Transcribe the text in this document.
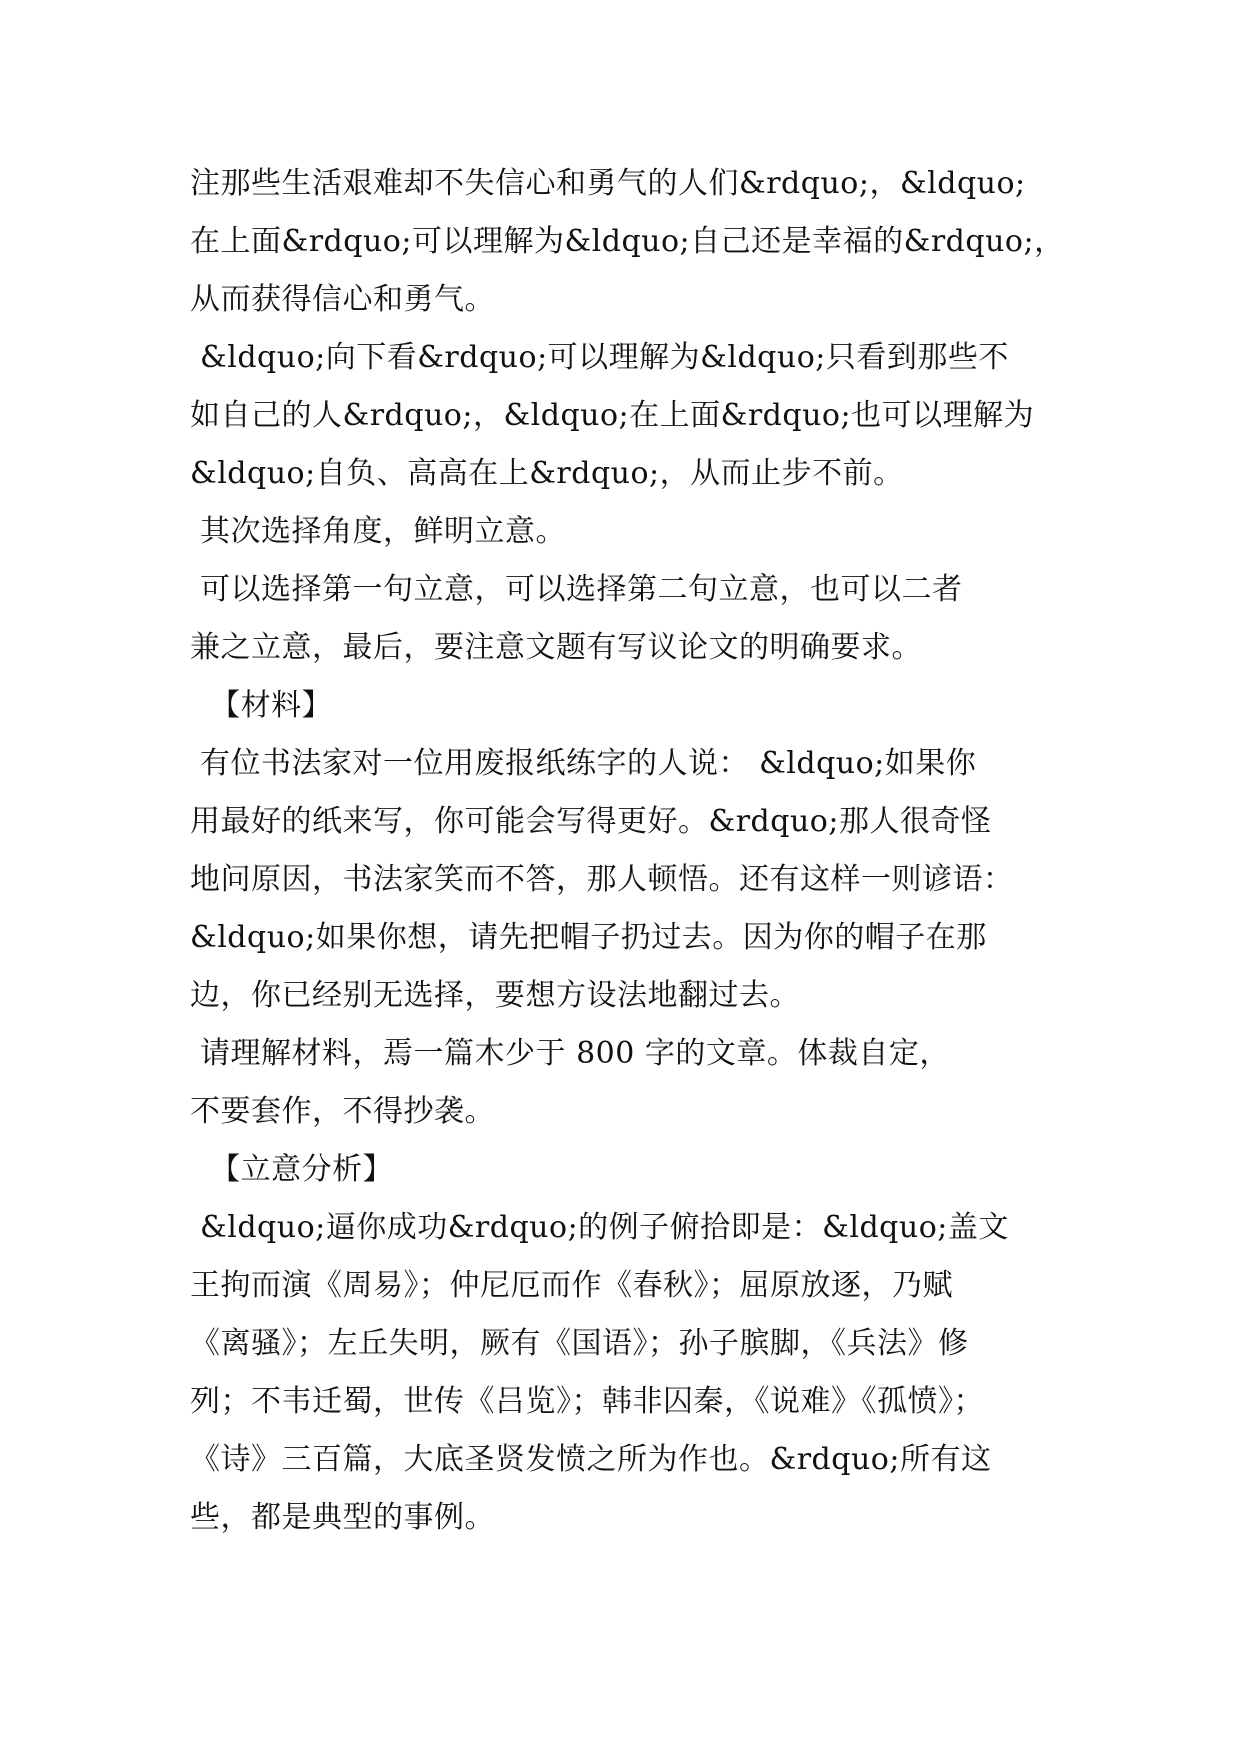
注那些生活艰难却不失信心和勇气的人们&rdquo;，&ldquo;
在上面&rdquo;可以理解为&ldquo;自己还是幸福的&rdquo;，
从而获得信心和勇气。
&ldquo;向下看&rdquo;可以理解为&ldquo;只看到那些不
如自己的人&rdquo;，&ldquo;在上面&rdquo;也可以理解为
&ldquo;自负、高高在上&rdquo;，从而止步不前。
其次选择角度，鲜明立意。
可以选择第一句立意，可以选择第二句立意，也可以二者
兼之立意，最后，要注意文题有写议论文的明确要求。
【材料】
有位书法家对一位用废报纸练字的人说： &ldquo;如果你
用最好的纸来写，你可能会写得更好。&rdquo;那人很奇怪
地问原因，书法家笑而不答，那人顿悟。还有这样一则谚语：
&ldquo;如果你想，请先把帽子扔过去。因为你的帽子在那
边，你已经别无选择，要想方设法地翻过去。
请理解材料，焉一篇木少于 800 字的文章。体裁自定，
不要套作，不得抄袭。
【立意分析】
&ldquo;逼你成功&rdquo;的例子俯拾即是：&ldquo;盖文
王拘而演《周易》；仲尼厄而作《春秋》；屈原放逐，乃赋
《离骚》；左丘失明，厥有《国语》；孙子膑脚，《兵法》修
列；不韦迁蜀，世传《吕览》；韩非囚秦，《说难》《孤愤》；
《诗》三百篇，大底圣贤发愤之所为作也。&rdquo;所有这
些，都是典型的事例。
